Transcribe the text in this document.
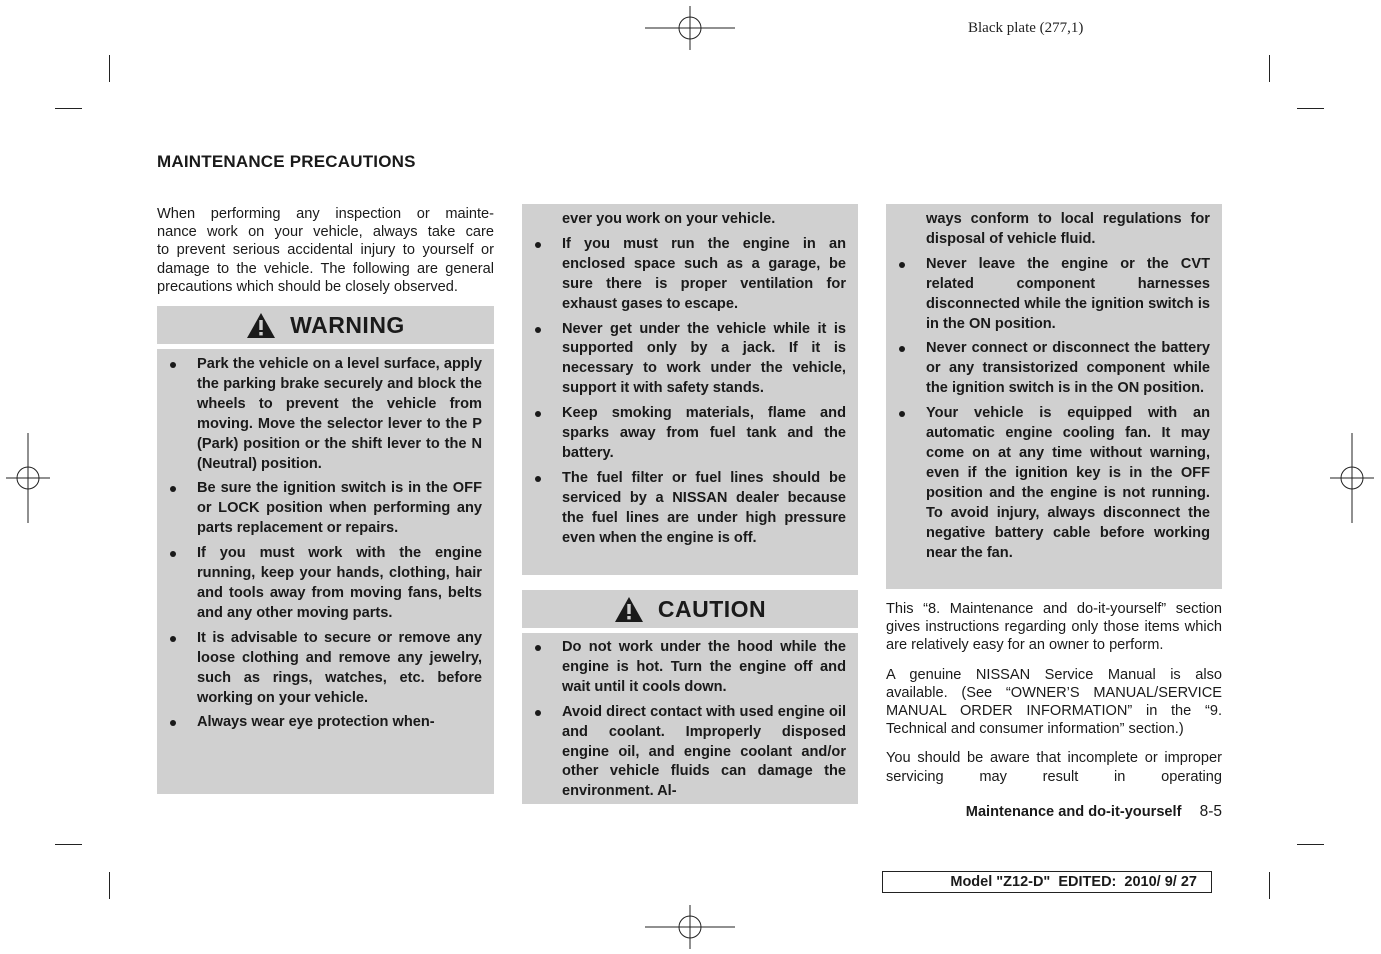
Black plate (277,1)
MAINTENANCE PRECAUTIONS
When performing any inspection or mainte-
nance work on your vehicle, always take care
to prevent serious accidental injury to yourself or
damage to the vehicle. The following are general
precautions which should be closely observed.
WARNING
Park the vehicle on a level surface, apply the parking brake securely and block the wheels to prevent the vehicle from moving. Move the selector lever to the P (Park) position or the shift lever to the N (Neutral) position.
Be sure the ignition switch is in the OFF or LOCK position when performing any parts replacement or repairs.
If you must work with the engine running, keep your hands, clothing, hair and tools away from moving fans, belts and any other moving parts.
It is advisable to secure or remove any loose clothing and remove any jewelry, such as rings, watches, etc. before working on your vehicle.
Always wear eye protection when-

ever you work on your vehicle.

If you must run the engine in an enclosed space such as a garage, be sure there is proper ventilation for exhaust gases to escape.
Never get under the vehicle while it is supported only by a jack. If it is necessary to work under the vehicle, support it with safety stands.
Keep smoking materials, flame and sparks away from fuel tank and the battery.
The fuel filter or fuel lines should be serviced by a NISSAN dealer because the fuel lines are under high pressure even when the engine is off.
CAUTION
Do not work under the hood while the engine is hot. Turn the engine off and wait until it cools down.
Avoid direct contact with used engine oil and coolant. Improperly disposed engine oil, and engine coolant and/or other vehicle fluids can damage the environment. Al-

ways conform to local regulations for disposal of vehicle fluid.

Never leave the engine or the CVT related component harnesses disconnected while the ignition switch is in the ON position.
Never connect or disconnect the battery or any transistorized component while the ignition switch is in the ON position.
Your vehicle is equipped with an automatic engine cooling fan. It may come on at any time without warning, even if the ignition key is in the OFF position and the engine is not running. To avoid injury, always disconnect the negative battery cable before working near the fan.

This “8. Maintenance and do-it-yourself” section gives instructions regarding only those items which are relatively easy for an owner to perform.

A genuine NISSAN Service Manual is also available. (See “OWNER’S MANUAL/SERVICE MANUAL ORDER INFORMATION” in the “9. Technical and consumer information” section.)

You should be aware that incomplete or improper servicing may result in operating

Maintenance and do-it-yourself 8-5
Model "Z12-D"  EDITED:  2010/ 9/ 27
